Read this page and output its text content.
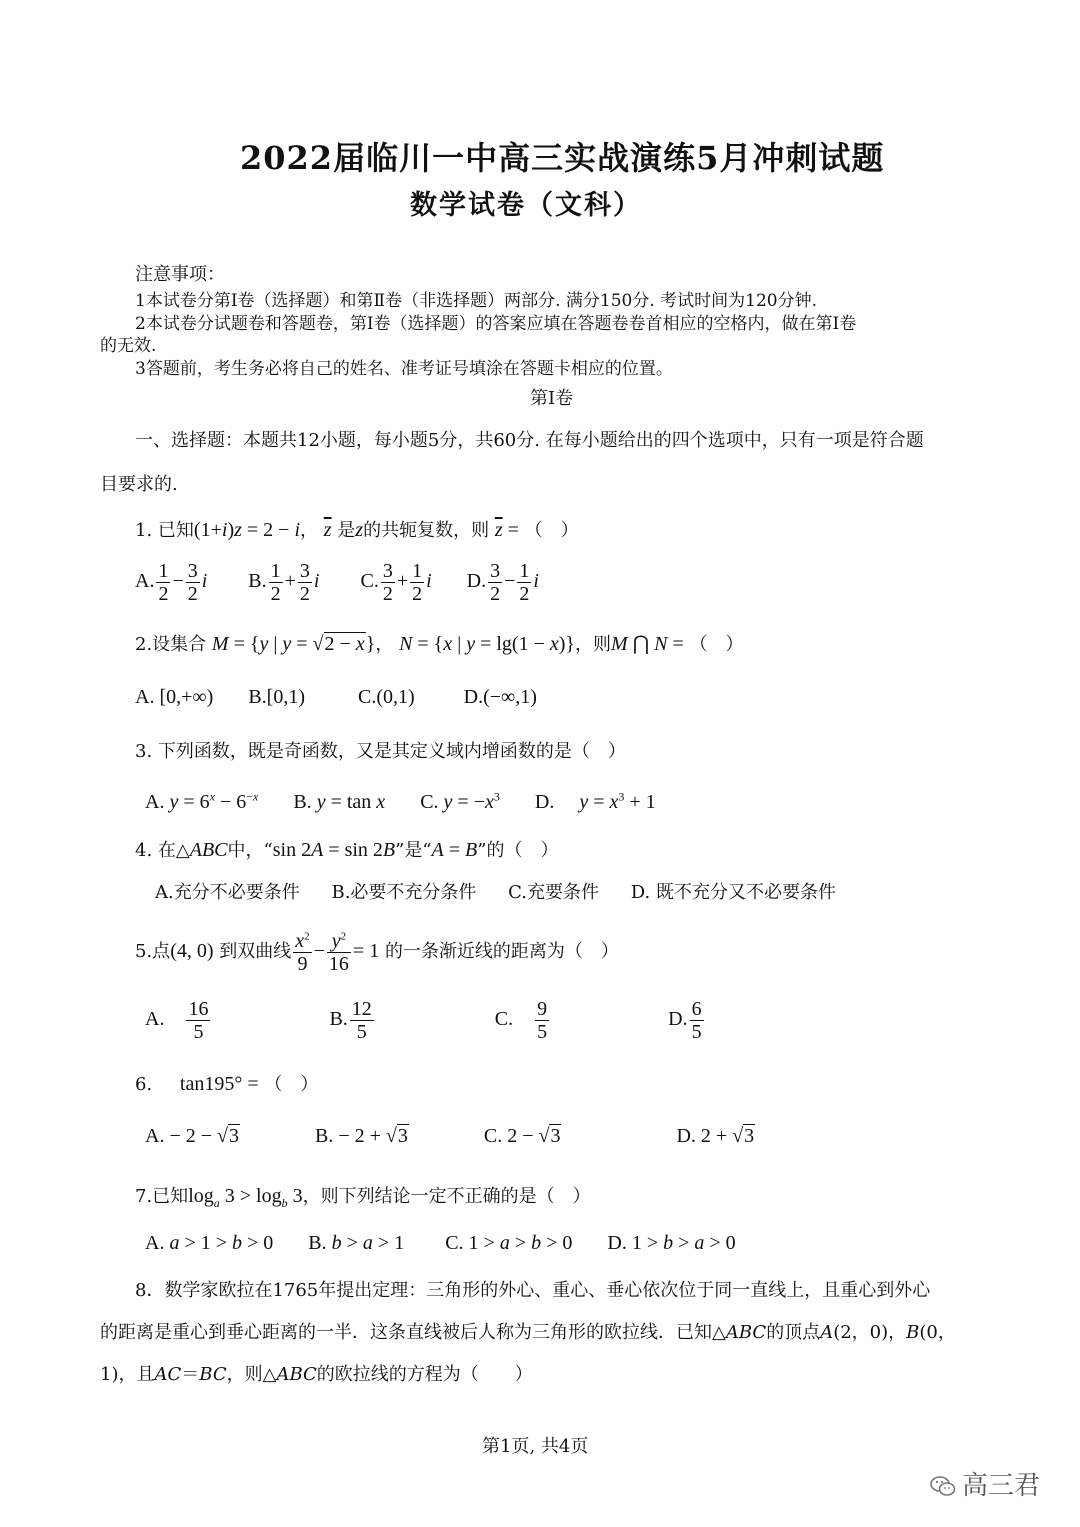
2022届临川一中高三实战演练5月冲刺试题
数学试卷（文科）
注意事项：
1本试卷分第Ⅰ卷（选择题）和第Ⅱ卷（非选择题）两部分. 满分150分. 考试时间为120分钟.
2本试卷分试题卷和答题卷，第Ⅰ卷（选择题）的答案应填在答题卷卷首相应的空格内，做在第Ⅰ卷
的无效.
3答题前，考生务必将自己的姓名、准考证号填涂在答题卡相应的位置。
第Ⅰ卷
一、选择题：本题共12小题，每小题5分，共60分. 在每小题给出的四个选项中，只有一项是符合题
目要求的.
1. 已知(1+i)z = 2 − i， $\overline{z}$ 是z的共轭复数，则 $\overline{z}$ = （　）
A. $\frac{1}{2} - \frac{3}{2}$ i B. $\frac{1}{2} + \frac{3}{2}$ i C. $\frac{3}{2} + \frac{1}{2}$ i D. $\frac{3}{2} - \frac{1}{2}$ i
2.设集合 M = {y | y = √2 − x}， N = {x | y = lg(1 − x)}，则M ⋂ N = （　）
A. [0,+∞) B.[0,1)	C.(0,1) D.(−∞,1)
3. 下列函数，既是奇函数，又是其定义域内增函数的是（　）
A. $y = 6^x - 6^{-x}$ B. y = tan x C. $y = -x^3$ D.　 $y = x^3 + 1$
4. 在△ABC中，“sin 2A = sin 2B”是“A = B”的（　）
A.充分不必要条件 B.必要不充分条件 C.充要条件 D. 既不充分又不必要条件
5.点(4, 0) 到双曲线 $\frac{x^2}{9} - \frac{y^2}{16} = 1$ 的一条渐近线的距离为（　）
A.　 $\frac{16}{5}$	B. $\frac{12}{5}$	C.　 $\frac{9}{5}$	D. $\frac{6}{5}$
6. tan195° = （　）
A. − 2 − √3	B. − 2 + √3	C. 2 − √3	D. 2 + √3
7.已知$\log_a 3 > \log_b 3$，则下列结论一定不正确的是（　）
A. a > 1 > b > 0 B. b > a > 1 C. 1 > a > b > 0 D. 1 > b > a > 0
8．数学家欧拉在1765年提出定理：三角形的外心、重心、垂心依次位于同一直线上，且重心到外心
的距离是重心到垂心距离的一半．这条直线被后人称为三角形的欧拉线．已知△ABC的顶点A(2，0)，B(0，
1)，且AC＝BC，则△ABC的欧拉线的方程为（　　）
第1页, 共4页
高三君
